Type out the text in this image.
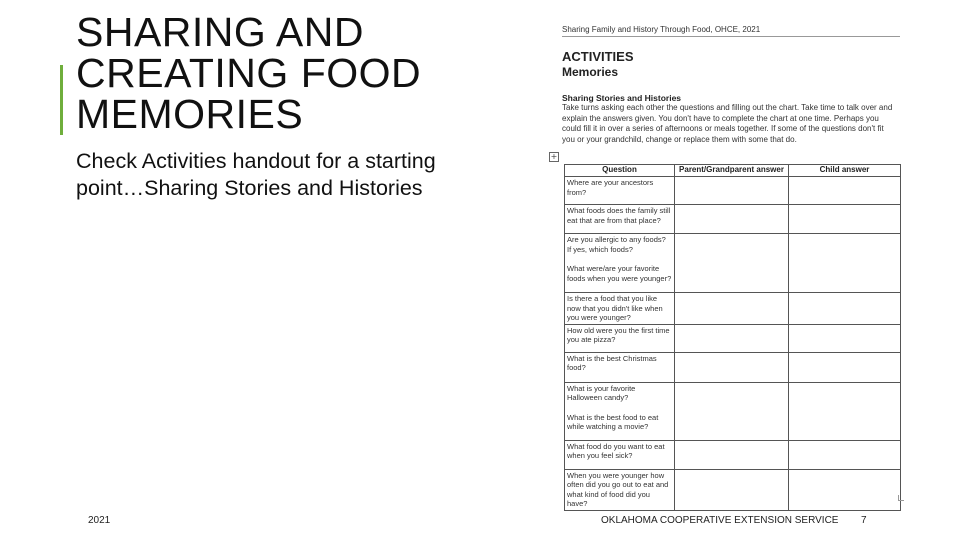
SHARING AND
CREATING FOOD
MEMORIES
Check Activities handout for a starting
point…Sharing Stories and Histories
+
Sharing Family and History Through Food, OHCE, 2021
ACTIVITIES
Memories
Sharing Stories and Histories
Take turns asking each other the questions and filling out the chart. Take time to talk over and explain the answers given. You don't have to complete the chart at one time. Perhaps you could fill it in over a series of afternoons or meals together. If some of the questions don't fit you or your grandchild, change or replace them with some that do.
Question	Parent/Grandparent answer	Child answer

Where are your ancestors from?		

What foods does the family still eat that are from that place?		

Are you allergic to any foods? If yes, which foods?
What were/are your favorite foods when you were younger?		

Is there a food that you like now that you didn't like when you were younger?		

How old were you the first time you ate pizza?		

What is the best Christmas food?		

What is your favorite Halloween candy?
What is the best food to eat while watching a movie?		

What food do you want to eat when you feel sick?		

When you were younger how often did you go out to eat and what kind of food did you have?		

2021	OKLAHOMA COOPERATIVE EXTENSION SERVICE 7
